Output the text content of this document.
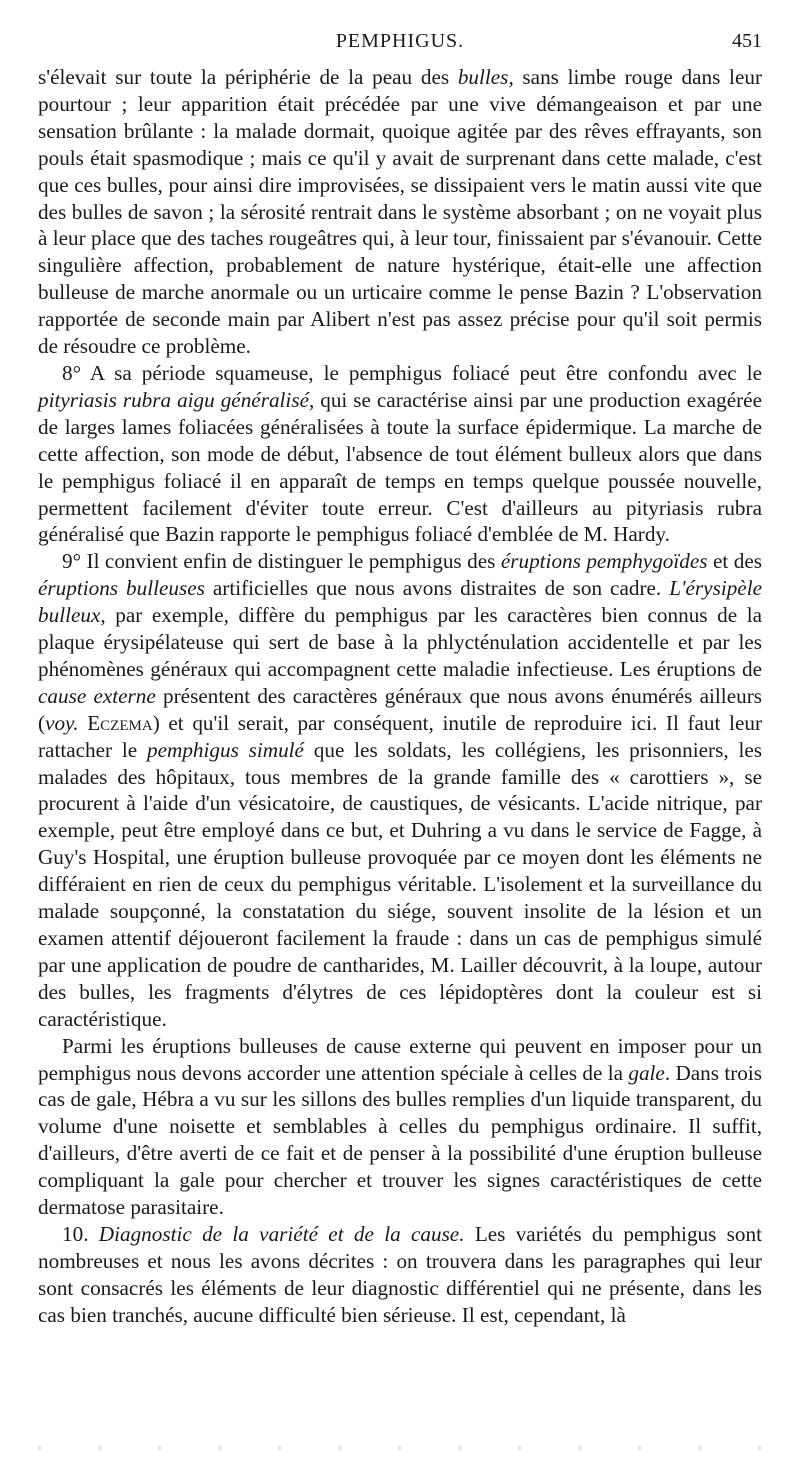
PEMPHIGUS.	451

s'élevait sur toute la périphérie de la peau des bulles, sans limbe rouge dans leur pourtour ; leur apparition était précédée par une vive démangeaison et par une sensation brûlante : la malade dormait, quoique agitée par des rêves effrayants, son pouls était spasmodique ; mais ce qu'il y avait de surprenant dans cette malade, c'est que ces bulles, pour ainsi dire improvisées, se dissipaient vers le matin aussi vite que des bulles de savon ; la sérosité rentrait dans le système absorbant ; on ne voyait plus à leur place que des taches rougeâtres qui, à leur tour, finissaient par s'évanouir. Cette singulière affection, probablement de nature hystérique, était-elle une affection bulleuse de marche anormale ou un urticaire comme le pense Bazin ? L'observation rapportée de seconde main par Alibert n'est pas assez précise pour qu'il soit permis de résoudre ce problème.

8° A sa période squameuse, le pemphigus foliacé peut être confondu avec le pityriasis rubra aigu généralisé, qui se caractérise ainsi par une production exagérée de larges lames foliacées généralisées à toute la surface épidermique. La marche de cette affection, son mode de début, l'absence de tout élément bulleux alors que dans le pemphigus foliacé il en apparaît de temps en temps quelque poussée nouvelle, permettent facilement d'éviter toute erreur. C'est d'ailleurs au pityriasis rubra généralisé que Bazin rapporte le pemphigus foliacé d'emblée de M. Hardy.

9° Il convient enfin de distinguer le pemphigus des éruptions pemphygoïdes et des éruptions bulleuses artificielles que nous avons distraites de son cadre. L'érysipèle bulleux, par exemple, diffère du pemphigus par les caractères bien connus de la plaque érysipélateuse qui sert de base à la phlycténulation accidentelle et par les phénomènes généraux qui accompagnent cette maladie infectieuse. Les éruptions de cause externe présentent des caractères généraux que nous avons énumérés ailleurs (voy. Eczema) et qu'il serait, par conséquent, inutile de reproduire ici. Il faut leur rattacher le pemphigus simulé que les soldats, les collégiens, les prisonniers, les malades des hôpitaux, tous membres de la grande famille des « carottiers », se procurent à l'aide d'un vésicatoire, de caustiques, de vésicants. L'acide nitrique, par exemple, peut être employé dans ce but, et Duhring a vu dans le service de Fagge, à Guy's Hospital, une éruption bulleuse provoquée par ce moyen dont les éléments ne différaient en rien de ceux du pemphigus véritable. L'isolement et la surveillance du malade soupçonné, la constatation du siége, souvent insolite de la lésion et un examen attentif déjoueront facilement la fraude : dans un cas de pemphigus simulé par une application de poudre de cantharides, M. Lailler découvrit, à la loupe, autour des bulles, les fragments d'élytres de ces lépidoptères dont la couleur est si caractéristique.

Parmi les éruptions bulleuses de cause externe qui peuvent en imposer pour un pemphigus nous devons accorder une attention spéciale à celles de la gale. Dans trois cas de gale, Hébra a vu sur les sillons des bulles remplies d'un liquide transparent, du volume d'une noisette et semblables à celles du pemphigus ordinaire. Il suffit, d'ailleurs, d'être averti de ce fait et de penser à la possibilité d'une éruption bulleuse compliquant la gale pour chercher et trouver les signes caractéristiques de cette dermatose parasitaire.

10. Diagnostic de la variété et de la cause. Les variétés du pemphigus sont nombreuses et nous les avons décrites : on trouvera dans les paragraphes qui leur sont consacrés les éléments de leur diagnostic différentiel qui ne présente, dans les cas bien tranchés, aucune difficulté bien sérieuse. Il est, cependant, là
